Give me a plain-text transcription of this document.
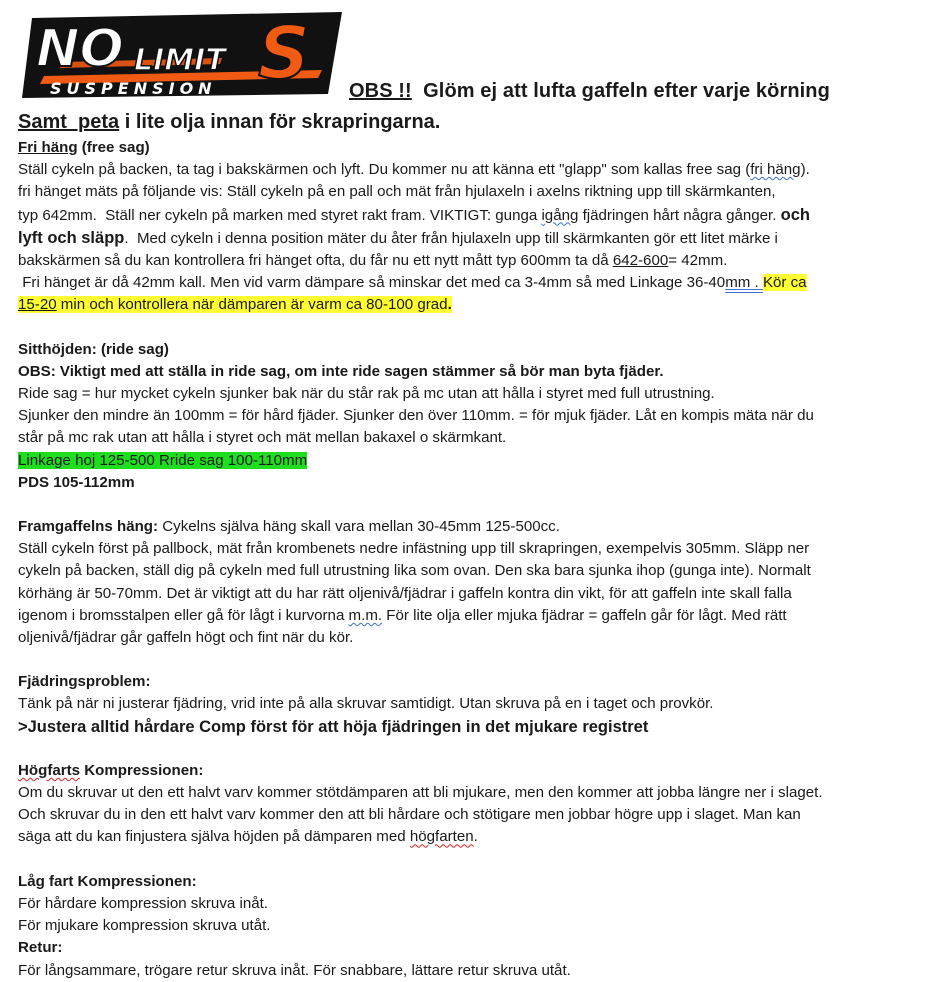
NO LIMIT S
SUSPENSION	OBS !!  Glöm ej att lufta gaffeln efter varje körning
Samt  peta i lite olja innan för skrapringarna.

Fri häng (free sag)

Ställ cykeln på backen, ta tag i bakskärmen och lyft. Du kommer nu att känna ett "glapp" som kallas free sag (fri häng).

fri hänget mäts på följande vis: Ställ cykeln på en pall och mät från hjulaxeln i axelns riktning upp till skärmkanten,

typ 642mm.  Ställ ner cykeln på marken med styret rakt fram. VIKTIGT: gunga igång fjädringen hårt några gånger. och

lyft och släpp.  Med cykeln i denna position mäter du åter från hjulaxeln upp till skärmkanten gör ett litet märke i

bakskärmen så du kan kontrollera fri hänget ofta, du får nu ett nytt mått typ 600mm ta då 642-600= 42mm.

Fri hänget är då 42mm kall. Men vid varm dämpare så minskar det med ca 3-4mm så med Linkage 36-40mm . Kör ca

15-20 min och kontrollera när dämparen är varm ca 80-100 grad.

Sitthöjden: (ride sag)

OBS: Viktigt med att ställa in ride sag, om inte ride sagen stämmer så bör man byta fjäder.

Ride sag = hur mycket cykeln sjunker bak när du står rak på mc utan att hålla i styret med full utrustning.

Sjunker den mindre än 100mm = för hård fjäder. Sjunker den över 110mm. = för mjuk fjäder. Låt en kompis mäta när du

står på mc rak utan att hålla i styret och mät mellan bakaxel o skärmkant.

Linkage hoj 125-500 Rride sag 100-110mm

PDS 105-112mm

Framgaffelns häng: Cykelns själva häng skall vara mellan 30-45mm 125-500cc.

Ställ cykeln först på pallbock, mät från krombenets nedre infästning upp till skrapringen, exempelvis 305mm. Släpp ner

cykeln på backen, ställ dig på cykeln med full utrustning lika som ovan. Den ska bara sjunka ihop (gunga inte). Normalt

körhäng är 50-70mm. Det är viktigt att du har rätt oljenivå/fjädrar i gaffeln kontra din vikt, för att gaffeln inte skall falla

igenom i bromsstalpen eller gå för lågt i kurvorna m.m. För lite olja eller mjuka fjädrar = gaffeln går för lågt. Med rätt

oljenivå/fjädrar går gaffeln högt och fint när du kör.

Fjädringsproblem:

Tänk på när ni justerar fjädring, vrid inte på alla skruvar samtidigt. Utan skruva på en i taget och provkör.

>Justera alltid hårdare Comp först för att höja fjädringen in det mjukare registret

Högfarts Kompressionen:

Om du skruvar ut den ett halvt varv kommer stötdämparen att bli mjukare, men den kommer att jobba längre ner i slaget.

Och skruvar du in den ett halvt varv kommer den att bli hårdare och stötigare men jobbar högre upp i slaget. Man kan

säga att du kan finjustera själva höjden på dämparen med högfarten.

Låg fart Kompressionen:

För hårdare kompression skruva inåt.

För mjukare kompression skruva utåt.

Retur:

För långsammare, trögare retur skruva inåt. För snabbare, lättare retur skruva utåt.
